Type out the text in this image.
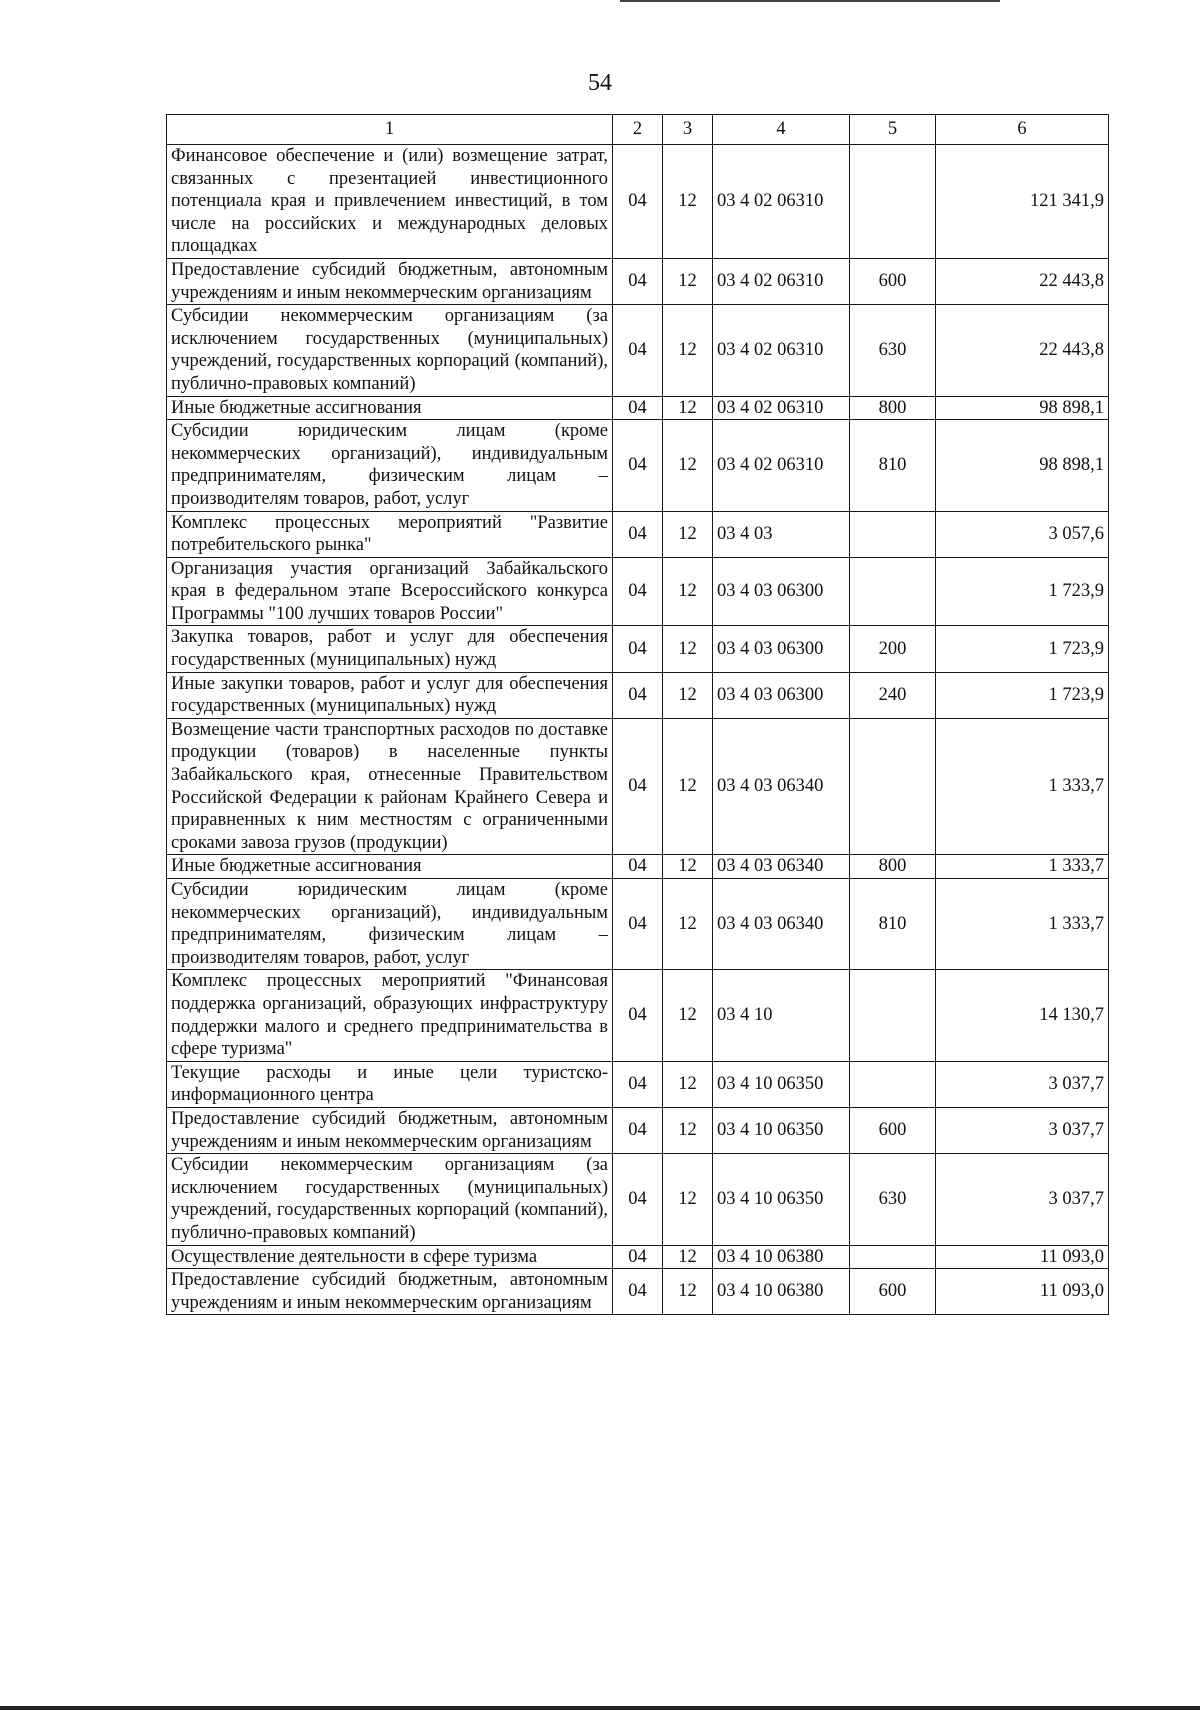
54
1	2	3	4	5	6
Финансовое обеспечение и (или) возмещение затрат, связанных с презентацией инвестиционного потенциала края и привлечением инвестиций, в том числе на российских и международных деловых площадках	04	12	03 4 02 06310		121 341,9
Предоставление субсидий бюджетным, автономным учреждениям и иным некоммерческим организациям	04	12	03 4 02 06310	600	22 443,8
Субсидии некоммерческим организациям (за исключением государственных (муниципальных) учреждений, государственных корпораций (компаний), публично-правовых компаний)	04	12	03 4 02 06310	630	22 443,8
Иные бюджетные ассигнования	04	12	03 4 02 06310	800	98 898,1
Субсидии юридическим лицам (кроме некоммерческих организаций), индивидуальным предпринимателям, физическим лицам – производителям товаров, работ, услуг	04	12	03 4 02 06310	810	98 898,1
Комплекс процессных мероприятий "Развитие потребительского рынка"	04	12	03 4 03		3 057,6
Организация участия организаций Забайкальского края в федеральном этапе Всероссийского конкурса Программы "100 лучших товаров России"	04	12	03 4 03 06300		1 723,9
Закупка товаров, работ и услуг для обеспечения государственных (муниципальных) нужд	04	12	03 4 03 06300	200	1 723,9
Иные закупки товаров, работ и услуг для обеспечения государственных (муниципальных) нужд	04	12	03 4 03 06300	240	1 723,9
Возмещение части транспортных расходов по доставке продукции (товаров) в населенные пункты Забайкальского края, отнесенные Правительством Российской Федерации к районам Крайнего Севера и приравненных к ним местностям с ограниченными сроками завоза грузов (продукции)	04	12	03 4 03 06340		1 333,7
Иные бюджетные ассигнования	04	12	03 4 03 06340	800	1 333,7
Субсидии юридическим лицам (кроме некоммерческих организаций), индивидуальным предпринимателям, физическим лицам – производителям товаров, работ, услуг	04	12	03 4 03 06340	810	1 333,7
Комплекс процессных мероприятий "Финансовая поддержка организаций, образующих инфраструктуру поддержки малого и среднего предпринимательства в сфере туризма"	04	12	03 4 10		14 130,7
Текущие расходы и иные цели туристско-информационного центра	04	12	03 4 10 06350		3 037,7
Предоставление субсидий бюджетным, автономным учреждениям и иным некоммерческим организациям	04	12	03 4 10 06350	600	3 037,7
Субсидии некоммерческим организациям (за исключением государственных (муниципальных) учреждений, государственных корпораций (компаний), публично-правовых компаний)	04	12	03 4 10 06350	630	3 037,7
Осуществление деятельности в сфере туризма	04	12	03 4 10 06380		11 093,0
Предоставление субсидий бюджетным, автономным учреждениям и иным некоммерческим организациям	04	12	03 4 10 06380	600	11 093,0
